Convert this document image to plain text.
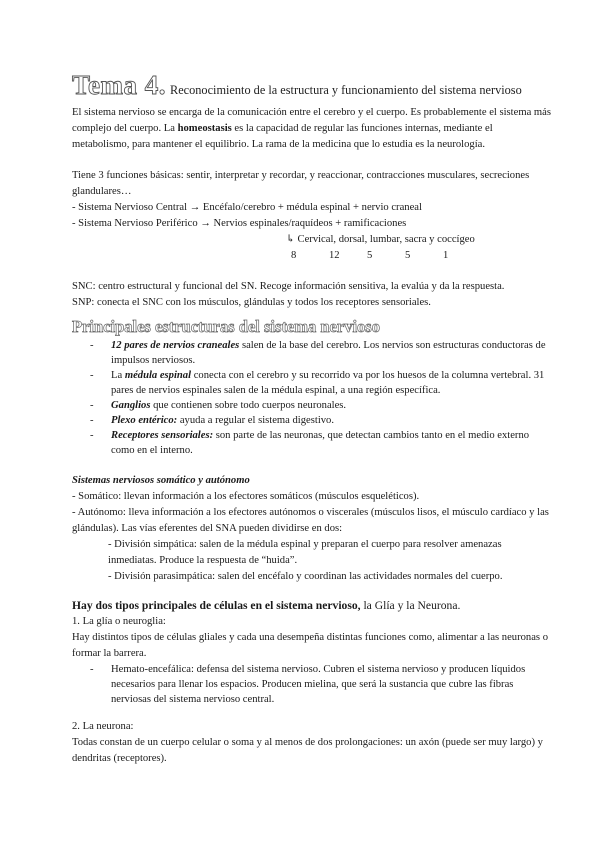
Tema 4. Reconocimiento de la estructura y funcionamiento del sistema nervioso

El sistema nervioso se encarga de la comunicación entre el cerebro y el cuerpo. Es probablemente el sistema más complejo del cuerpo. La homeostasis es la capacidad de regular las funciones internas, mediante el metabolismo, para mantener el equilibrio. La rama de la medicina que lo estudia es la neurología.

Tiene 3 funciones básicas: sentir, interpretar y recordar, y reaccionar, contracciones musculares, secreciones glandulares…

- Sistema Nervioso Central → Encéfalo/cerebro + médula espinal + nervio craneal

- Sistema Nervioso Periférico → Nervios espinales/raquídeos + ramificaciones

↳ Cervical, dorsal, lumbar, sacra y coccígeo

8	12	5	5	1

SNC: centro estructural y funcional del SN. Recoge información sensitiva, la evalúa y da la respuesta.

SNP: conecta el SNC con los músculos, glándulas y todos los receptores sensoriales.

Principales estructuras del sistema nervioso
- 12 pares de nervios craneales salen de la base del cerebro. Los nervios son estructuras conductoras de impulsos nerviosos.
- La médula espinal conecta con el cerebro y su recorrido va por los huesos de la columna vertebral. 31 pares de nervios espinales salen de la médula espinal, a una región específica.
- Ganglios que contienen sobre todo cuerpos neuronales.
- Plexo entérico: ayuda a regular el sistema digestivo.
- Receptores sensoriales: son parte de las neuronas, que detectan cambios tanto en el medio externo como en el interno.

Sistemas nerviosos somático y autónomo

- Somático: llevan información a los efectores somáticos (músculos esqueléticos).

- Autónomo: lleva información a los efectores autónomos o viscerales (músculos lisos, el músculo cardíaco y las glándulas). Las vías eferentes del SNA pueden dividirse en dos:

- División simpática: salen de la médula espinal y preparan el cuerpo para resolver amenazas inmediatas. Produce la respuesta de “huida”.

- División parasimpática: salen del encéfalo y coordinan las actividades normales del cuerpo.

Hay dos tipos principales de células en el sistema nervioso, la Glía y la Neurona.

1. La glía o neuroglia:

Hay distintos tipos de células gliales y cada una desempeña distintas funciones como, alimentar a las neuronas o formar la barrera.

- Hemato-encefálica: defensa del sistema nervioso. Cubren el sistema nervioso y producen líquidos necesarios para llenar los espacios. Producen mielina, que será la sustancia que cubre las fibras nerviosas del sistema nervioso central.

2. La neurona:

Todas constan de un cuerpo celular o soma y al menos de dos prolongaciones: un axón (puede ser muy largo) y dendritas (receptores).
